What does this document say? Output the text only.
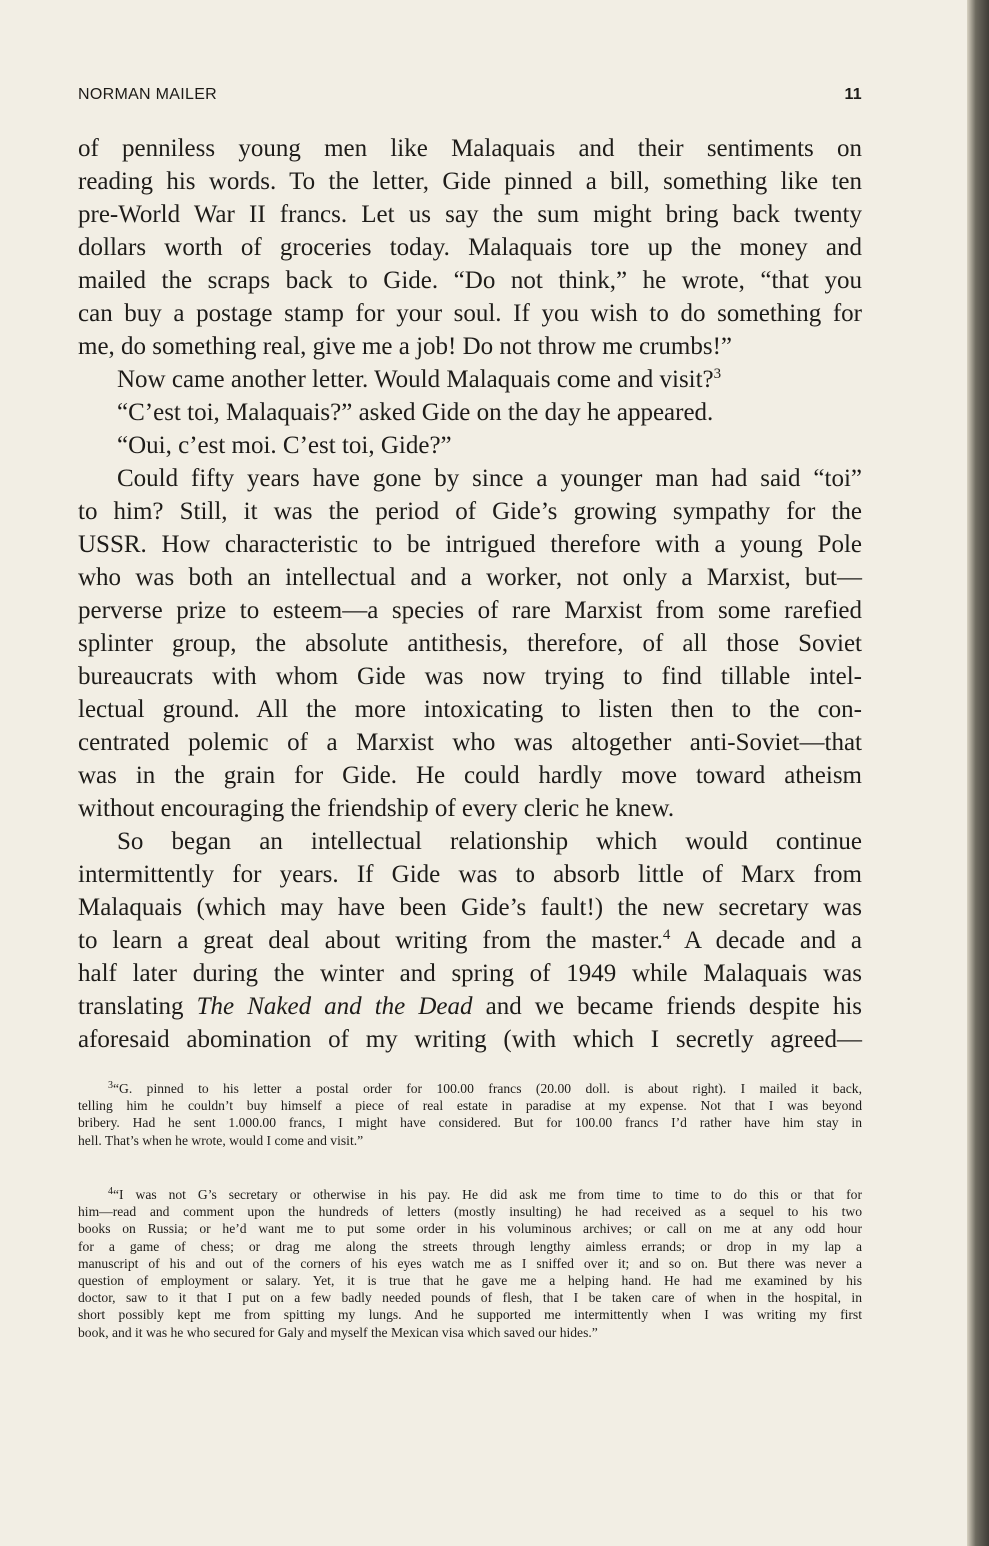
NORMAN MAILER	11
of penniless young men like Malaquais and their sentiments on
reading his words. To the letter, Gide pinned a bill, something like ten
pre-World War II francs. Let us say the sum might bring back twenty
dollars worth of groceries today. Malaquais tore up the money and
mailed the scraps back to Gide. “Do not think,” he wrote, “that you
can buy a postage stamp for your soul. If you wish to do something for
me, do something real, give me a job! Do not throw me crumbs!”
Now came another letter. Would Malaquais come and visit?$^3$
“C’est toi, Malaquais?” asked Gide on the day he appeared.
“Oui, c’est moi. C’est toi, Gide?”
Could fifty years have gone by since a younger man had said “toi”
to him? Still, it was the period of Gide’s growing sympathy for the
USSR. How characteristic to be intrigued therefore with a young Pole
who was both an intellectual and a worker, not only a Marxist, but—
perverse prize to esteem—a species of rare Marxist from some rarefied
splinter group, the absolute antithesis, therefore, of all those Soviet
bureaucrats with whom Gide was now trying to find tillable intel-
lectual ground. All the more intoxicating to listen then to the con-
centrated polemic of a Marxist who was altogether anti-Soviet—that
was in the grain for Gide. He could hardly move toward atheism
without encouraging the friendship of every cleric he knew.
So began an intellectual relationship which would continue
intermittently for years. If Gide was to absorb little of Marx from
Malaquais (which may have been Gide’s fault!) the new secretary was
to learn a great deal about writing from the master.$^4$ A decade and a
half later during the winter and spring of 1949 while Malaquais was
translating The Naked and the Dead and we became friends despite his
aforesaid abomination of my writing (with which I secretly agreed—
$^3$“G. pinned to his letter a postal order for 100.00 francs (20.00 doll. is about right). I mailed it back,
telling him he couldn’t buy himself a piece of real estate in paradise at my expense. Not that I was beyond
bribery. Had he sent 1.000.00 francs, I might have considered. But for 100.00 francs I’d rather have him stay in
hell. That’s when he wrote, would I come and visit.”
$^4$“I was not G’s secretary or otherwise in his pay. He did ask me from time to time to do this or that for
him—read and comment upon the hundreds of letters (mostly insulting) he had received as a sequel to his two
books on Russia; or he’d want me to put some order in his voluminous archives; or call on me at any odd hour
for a game of chess; or drag me along the streets through lengthy aimless errands; or drop in my lap a
manuscript of his and out of the corners of his eyes watch me as I sniffed over it; and so on. But there was never a
question of employment or salary. Yet, it is true that he gave me a helping hand. He had me examined by his
doctor, saw to it that I put on a few badly needed pounds of flesh, that I be taken care of when in the hospital, in
short possibly kept me from spitting my lungs. And he supported me intermittently when I was writing my first
book, and it was he who secured for Galy and myself the Mexican visa which saved our hides.”
